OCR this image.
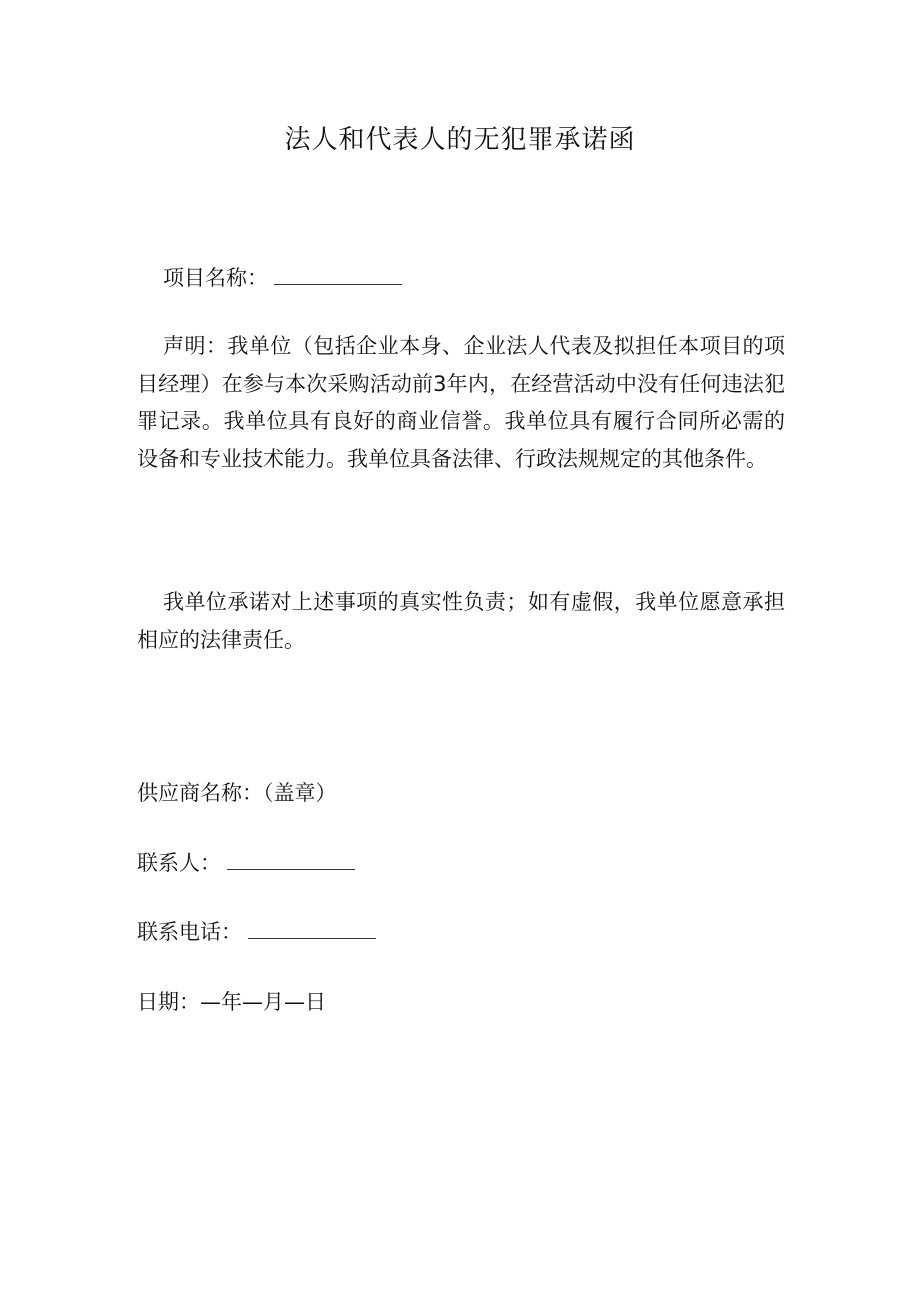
法人和代表人的无犯罪承诺函
项目名称：
声明：我单位（包括企业本身、企业法人代表及拟担任本项目的项目经理）在参与本次采购活动前3年内，在经营活动中没有任何违法犯罪记录。我单位具有良好的商业信誉。我单位具有履行合同所必需的设备和专业技术能力。我单位具备法律、行政法规规定的其他条件。
我单位承诺对上述事项的真实性负责；如有虚假，我单位愿意承担相应的法律责任。
供应商名称：（盖章）
联系人：
联系电话：
日期：—年—月—日
